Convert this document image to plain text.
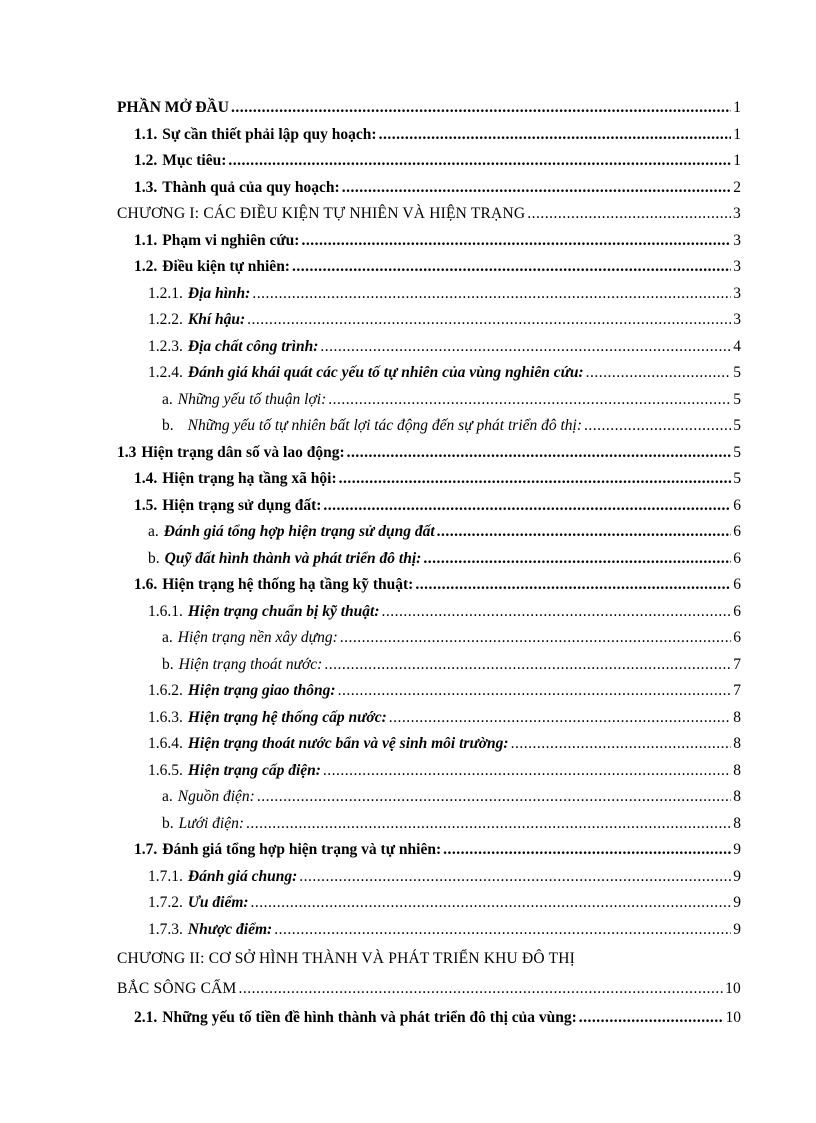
PHẦN MỞ ĐẦU .....	1
1.1. Sự cần thiết phải lập quy hoạch: .....	1
1.2. Mục tiêu: .....	1
1.3. Thành quả của quy hoạch: .....	2
CHƯƠNG I: CÁC ĐIỀU KIỆN TỰ NHIÊN VÀ HIỆN TRẠNG .....	3
1.1. Phạm vi nghiên cứu: .....	3
1.2. Điều kiện tự nhiên: .....	3
1.2.1. Địa hình: .....	3
1.2.2. Khí hậu: .....	3
1.2.3. Địa chất công trình: .....	4
1.2.4. Đánh giá khái quát các yếu tố tự nhiên của vùng nghiên cứu: .....	5
a. Những yếu tố thuận lợi: .....	5
b. Những yếu tố tự nhiên bất lợi tác động đến sự phát triển đô thị: .....	5
1.3 Hiện trạng dân số và lao động: .....	5
1.4. Hiện trạng hạ tầng xã hội: .....	5
1.5. Hiện trạng sử dụng đất: .....	6
a. Đánh giá tổng hợp hiện trạng sử dụng đất .....	6
b. Quỹ đất hình thành và phát triển đô thị: .....	6
1.6. Hiện trạng hệ thống hạ tầng kỹ thuật: .....	6
1.6.1. Hiện trạng chuẩn bị kỹ thuật: .....	6
a. Hiện trạng nền xây dựng: .....	6
b. Hiện trạng thoát nước: .....	7
1.6.2. Hiện trạng giao thông: .....	7
1.6.3. Hiện trạng hệ thống cấp nước: .....	8
1.6.4. Hiện trạng thoát nước bẩn và vệ sinh môi trường: .....	8
1.6.5. Hiện trạng cấp điện: .....	8
a. Nguồn điện: .....	8
b. Lưới điện: .....	8
1.7. Đánh giá tổng hợp hiện trạng và tự nhiên: .....	9
1.7.1. Đánh giá chung: .....	9
1.7.2. Ưu điểm: .....	9
1.7.3. Nhược điểm: .....	9
CHƯƠNG II: CƠ SỞ HÌNH THÀNH VÀ PHÁT TRIỂN KHU ĐÔ THỊ
BẮC SÔNG CẤM .....	10
2.1. Những yếu tố tiền đề hình thành và phát triển đô thị của vùng: .....	10
